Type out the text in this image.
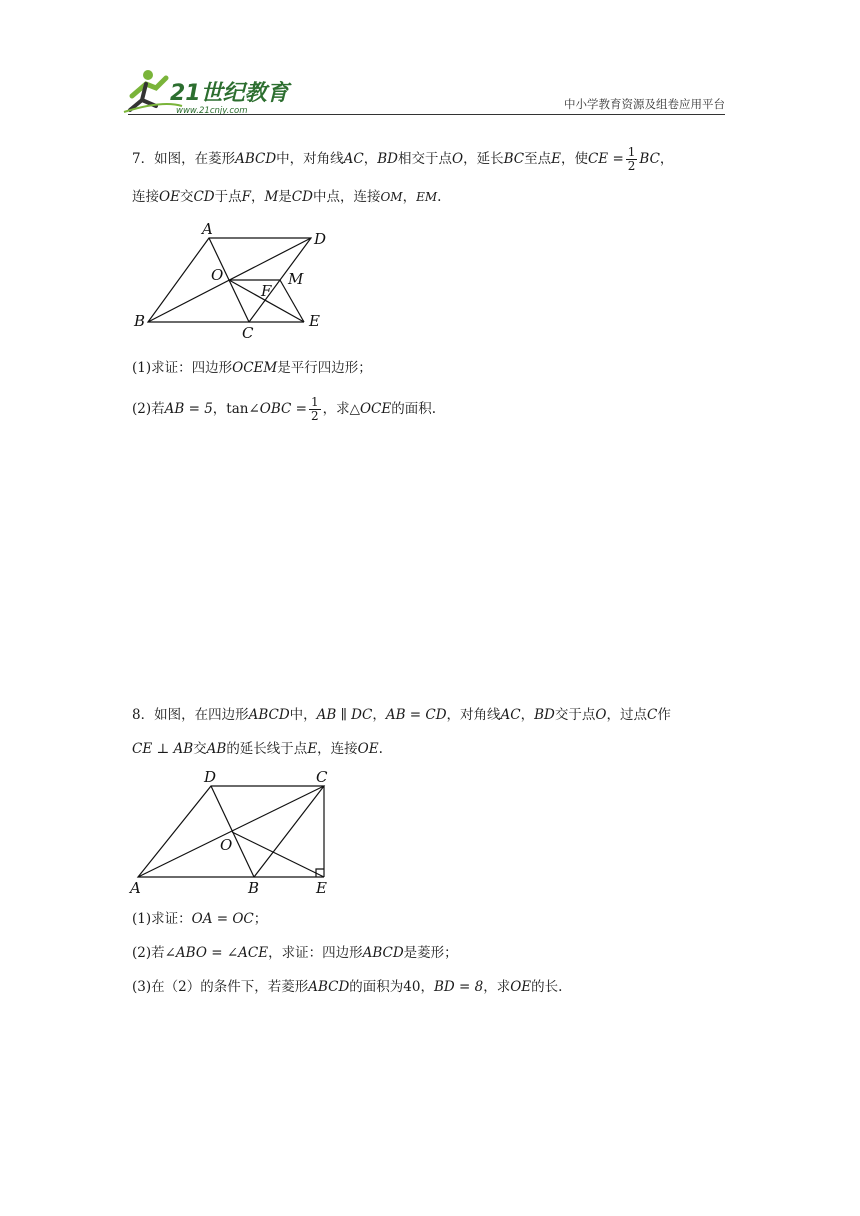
21世纪教育
www.21cnjy.com	中小学教育资源及组卷应用平台
7．如图，在菱形ABCD中，对角线AC，BD相交于点O，延长BC至点E，使CE = $\frac{1}{2}$ BC，
连接OE交CD于点F，M是CD中点，连接OM，EM.
A
D
O	M
F
B
C
E
(1)求证：四边形OCEM是平行四边形；
(2)若AB = 5，tan∠OBC = $\frac{1}{2}$ ，求△OCE的面积.
8．如图，在四边形ABCD中，AB ∥ DC，AB = CD，对角线AC，BD交于点O，过点C作
CE ⊥ AB交AB的延长线于点E，连接OE.
D	C
O
A	B	E
(1)求证：OA = OC；
(2)若∠ABO = ∠ACE，求证：四边形ABCD是菱形；
(3)在（2）的条件下，若菱形ABCD的面积为40，BD = 8，求OE的长.
